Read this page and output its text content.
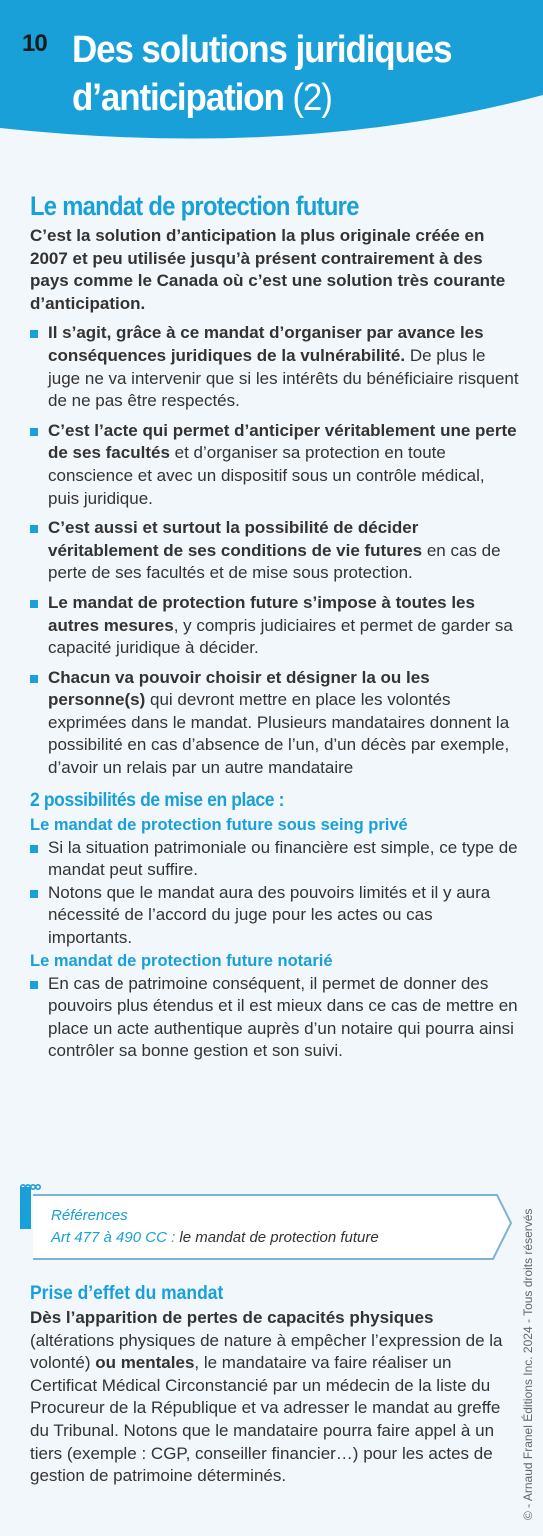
10 Des solutions juridiques
d’anticipation (2)
Le mandat de protection future

C’est la solution d’anticipation la plus originale créée en 2007 et peu utilisée jusqu’à présent contrairement à des pays comme le Canada où c’est une solution très courante d’anticipation.

Il s’agit, grâce à ce mandat d’organiser par avance les conséquences juridiques de la vulnérabilité. De plus le juge ne va intervenir que si les intérêts du bénéficiaire risquent de ne pas être respectés.
C’est l’acte qui permet d’anticiper véritablement une perte de ses facultés et d’organiser sa protection en toute conscience et avec un dispositif sous un contrôle médical, puis juridique.
C’est aussi et surtout la possibilité de décider véritablement de ses conditions de vie futures en cas de perte de ses facultés et de mise sous protection.
Le mandat de protection future s’impose à toutes les autres mesures, y compris judiciaires et permet de garder sa capacité juridique à décider.
Chacun va pouvoir choisir et désigner la ou les personne(s) qui devront mettre en place les volontés exprimées dans le mandat. Plusieurs mandataires donnent la possibilité en cas d’absence de l’un, d’un décès par exemple, d’avoir un relais par un autre mandataire
2 possibilités de mise en place :
Le mandat de protection future sous seing privé
Si la situation patrimoniale ou financière est simple, ce type de mandat peut suffire.
Notons que le mandat aura des pouvoirs limités et il y aura nécessité de l’accord du juge pour les actes ou cas importants.
Le mandat de protection future notarié
En cas de patrimoine conséquent, il permet de donner des pouvoirs plus étendus et il est mieux dans ce cas de mettre en place un acte authentique auprès d’un notaire qui pourra ainsi contrôler sa bonne gestion et son suivi.
Références
Art 477 à 490 CC : le mandat de protection future
Prise d’effet du mandat

Dès l’apparition de pertes de capacités physiques (altérations physiques de nature à empêcher l’expression de la volonté) ou mentales, le mandataire va faire réaliser un Certificat Médical Circonstancié par un médecin de la liste du Procureur de la République et va adresser le mandat au greffe du Tribunal. Notons que le mandataire pourra faire appel à un tiers (exemple : CGP, conseiller financier…) pour les actes de gestion de patrimoine déterminés.	© - Arnaud Franel Éditions Inc. 2024 - Tous droits réservés
